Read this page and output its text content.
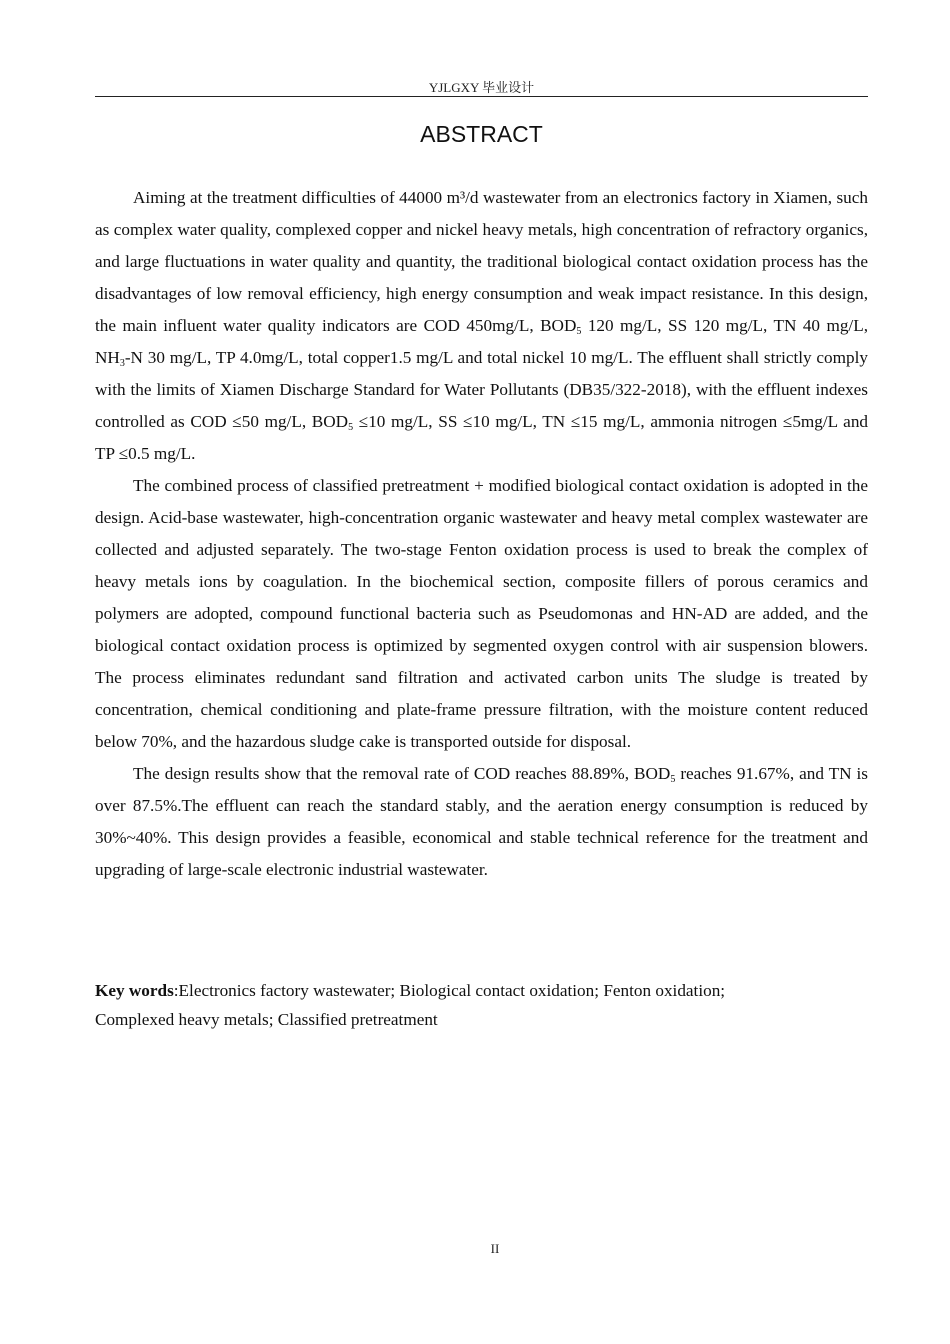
YJLGXY 毕业设计
ABSTRACT

Aiming at the treatment difficulties of 44000 m³/d wastewater from an electronics factory in Xiamen, such as complex water quality, complexed copper and nickel heavy metals, high concentration of refractory organics, and large fluctuations in water quality and quantity, the traditional biological contact oxidation process has the disadvantages of low removal efficiency, high energy consumption and weak impact resistance. In this design, the main influent water quality indicators are COD 450mg/L, $BOD_5$ 120 mg/L, SS 120 mg/L, TN 40 mg/L, $NH_3-N$ 30 mg/L, TP 4.0mg/L, total copper1.5 mg/L and total nickel 10 mg/L. The effluent shall strictly comply with the limits of Xiamen Discharge Standard for Water Pollutants (DB35/322-2018), with the effluent indexes controlled as COD ≤50 mg/L, $BOD_5 \le 10$ mg/L, SS ≤10 mg/L, TN ≤15 mg/L, ammonia nitrogen ≤5mg/L and TP ≤0.5 mg/L.

The combined process of classified pretreatment + modified biological contact oxidation is adopted in the design. Acid-base wastewater, high-concentration organic wastewater and heavy metal complex wastewater are collected and adjusted separately. The two-stage Fenton oxidation process is used to break the complex of heavy metals ions by coagulation. In the biochemical section, composite fillers of porous ceramics and polymers are adopted, compound functional bacteria such as Pseudomonas and HN-AD are added, and the biological contact oxidation process is optimized by segmented oxygen control with air suspension blowers. The process eliminates redundant sand filtration and activated carbon units The sludge is treated by concentration, chemical conditioning and plate-frame pressure filtration, with the moisture content reduced below 70%, and the hazardous sludge cake is transported outside for disposal.

The design results show that the removal rate of COD reaches 88.89%, $BOD_5$ reaches 91.67%, and TN is over 87.5%.The effluent can reach the standard stably, and the aeration energy consumption is reduced by 30%~40%. This design provides a feasible, economical and stable technical reference for the treatment and upgrading of large-scale electronic industrial wastewater.

Key words:Electronics factory wastewater; Biological contact oxidation; Fenton oxidation;
Complexed heavy metals; Classified pretreatment
II
